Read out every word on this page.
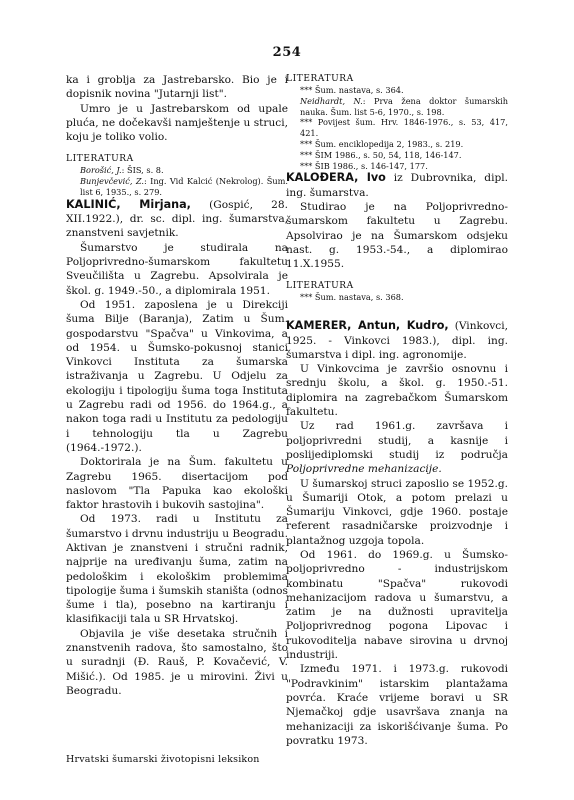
254

ka i groblja za Jastrebarsko. Bio je i dopisnik novina "Jutarnji list".

Umro je u Jastrebarskom od upale pluća, ne dočekavši namještenje u struci, koju je toliko volio.

LITERATURA
Borošić, J.: ŠIS, s. 8.
Bunjevčević, Z.: Ing. Vid Kalcić (Nekrolog). Šum. list 6, 1935., s. 279.

KALINIĆ, Mirjana, (Gospić, 28. XII.1922.), dr. sc. dipl. ing. šumarstva, znanstveni savjetnik.

Šumarstvo je studirala na Poljoprivredno-šumarskom fakultetu Sveučilišta u Zagrebu. Apsolvirala je škol. g. 1949.-50., a diplomirala 1951.

Od 1951. zaposlena je u Direkciji šuma Bilje (Baranja), Zatim u Šum. gospodarstvu "Spačva" u Vinkovima, a od 1954. u Šumsko-pokusnoj stanici Vinkovci Instituta za šumarska istraživanja u Zagrebu. U Odjelu za ekologiju i tipologiju šuma toga Instituta u Zagrebu radi od 1956. do 1964.g., a nakon toga radi u Institutu za pedologiju i tehnologiju tla u Zagrebu (1964.-1972.).

Doktorirala je na Šum. fakultetu u Zagrebu 1965. disertacijom pod naslovom "Tla Papuka kao ekološki faktor hrastovih i bukovih sastojina".

Od 1973. radi u Institutu za šumarstvo i drvnu industriju u Beogradu. Aktivan je znanstveni i stručni radnik, najprije na uređivanju šuma, zatim na pedološkim i ekološkim problemima tipologije šuma i šumskih staništa (odnos šume i tla), posebno na kartiranju i klasifikaciji tala u SR Hrvatskoj.

Objavila je više desetaka stručnih i znanstvenih radova, što samostalno, što u suradnji (Đ. Rauš, P. Kovačević, V. Mišić.). Od 1985. je u mirovini. Živi u Beogradu.

LITERATURA
*** Šum. nastava, s. 364.
Neidhardt, N.: Prva žena doktor šumarskih nauka. Šum. list 5-6, 1970., s. 198.
*** Povijest šum. Hrv. 1846-1976., s. 53, 417, 421.
*** Šum. enciklopedija 2, 1983., s. 219.
*** ŠIM 1986., s. 50, 54, 118, 146-147.
*** ŠIB 1986., s. 146-147, 177.

KALOĐERA, Ivo iz Dubrovnika, dipl. ing. šumarstva.

Studirao je na Poljoprivredno-šumarskom fakultetu u Zagrebu. Apsolvirao je na Šumarskom odsjeku nast. g. 1953.-54., a diplomirao 11.X.1955.

LITERATURA
*** Šum. nastava, s. 368.

KAMERER, Antun, Kudro, (Vinkovci, 1925. - Vinkovci 1983.), dipl. ing. šumarstva i dipl. ing. agronomije.

U Vinkovcima je završio osnovnu i srednju školu, a škol. g. 1950.-51. diplomira na zagrebačkom Šumarskom fakultetu.

Uz rad 1961.g. završava i poljoprivredni studij, a kasnije i poslijediplomski studij iz područja Poljoprivredne mehanizacije.

U šumarskoj struci zaposlio se 1952.g. u Šumariji Otok, a potom prelazi u Šumariju Vinkovci, gdje 1960. postaje referent rasadničarske proizvodnje i plantažnog uzgoja topola.

Od 1961. do 1969.g. u Šumsko-poljoprivredno - industrijskom kombinatu "Spačva" rukovodi mehanizacijom radova u šumarstvu, a zatim je na dužnosti upravitelja Poljoprivrednog pogona Lipovac i rukovoditelja nabave sirovina u drvnoj industriji.

Između 1971. i 1973.g. rukovodi "Podravkinim" istarskim plantažama povrća. Kraće vrijeme boravi u SR Njemačkoj gdje usavršava znanja na mehanizaciji za iskorišćivanje šuma. Po povratku 1973.

Hrvatski šumarski životopisni leksikon
